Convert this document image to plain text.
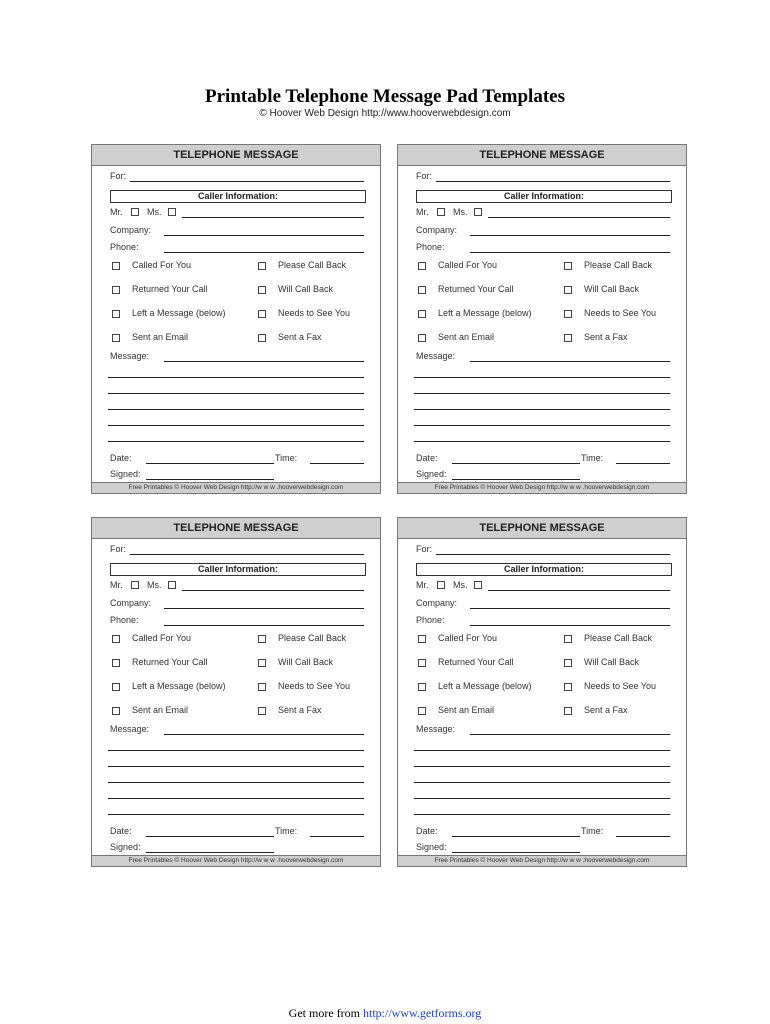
Printable Telephone Message Pad Templates
© Hoover Web Design http://www.hooverwebdesign.com
TELEPHONE MESSAGE
For:
Caller Information:
Mr.	Ms.
Company:
Phone:
Called For You	Please Call Back
Returned Your Call	Will Call Back
Left a Message (below)	Needs to See You
Sent an Email	Sent a Fax
Message:
Date:	Time:
Signed:
Free Printables © Hoover Web Design http://w w w .hooverwebdesign.com
TELEPHONE MESSAGE
For:
Caller Information:
Mr.	Ms.
Company:
Phone:
Called For You	Please Call Back
Returned Your Call	Will Call Back
Left a Message (below)	Needs to See You
Sent an Email	Sent a Fax
Message:
Date:	Time:
Signed:
Free Printables © Hoover Web Design http://w w w .hooverwebdesign.com
TELEPHONE MESSAGE
For:
Caller Information:
Mr.	Ms.
Company:
Phone:
Called For You	Please Call Back
Returned Your Call	Will Call Back
Left a Message (below)	Needs to See You
Sent an Email	Sent a Fax
Message:
Date:	Time:
Signed:
Free Printables © Hoover Web Design http://w w w .hooverwebdesign.com
TELEPHONE MESSAGE
For:
Caller Information:
Mr.	Ms.
Company:
Phone:
Called For You	Please Call Back
Returned Your Call	Will Call Back
Left a Message (below)	Needs to See You
Sent an Email	Sent a Fax
Message:
Date:	Time:
Signed:
Free Printables © Hoover Web Design http://w w w .hooverwebdesign.com
Get more from http://www.getforms.org
